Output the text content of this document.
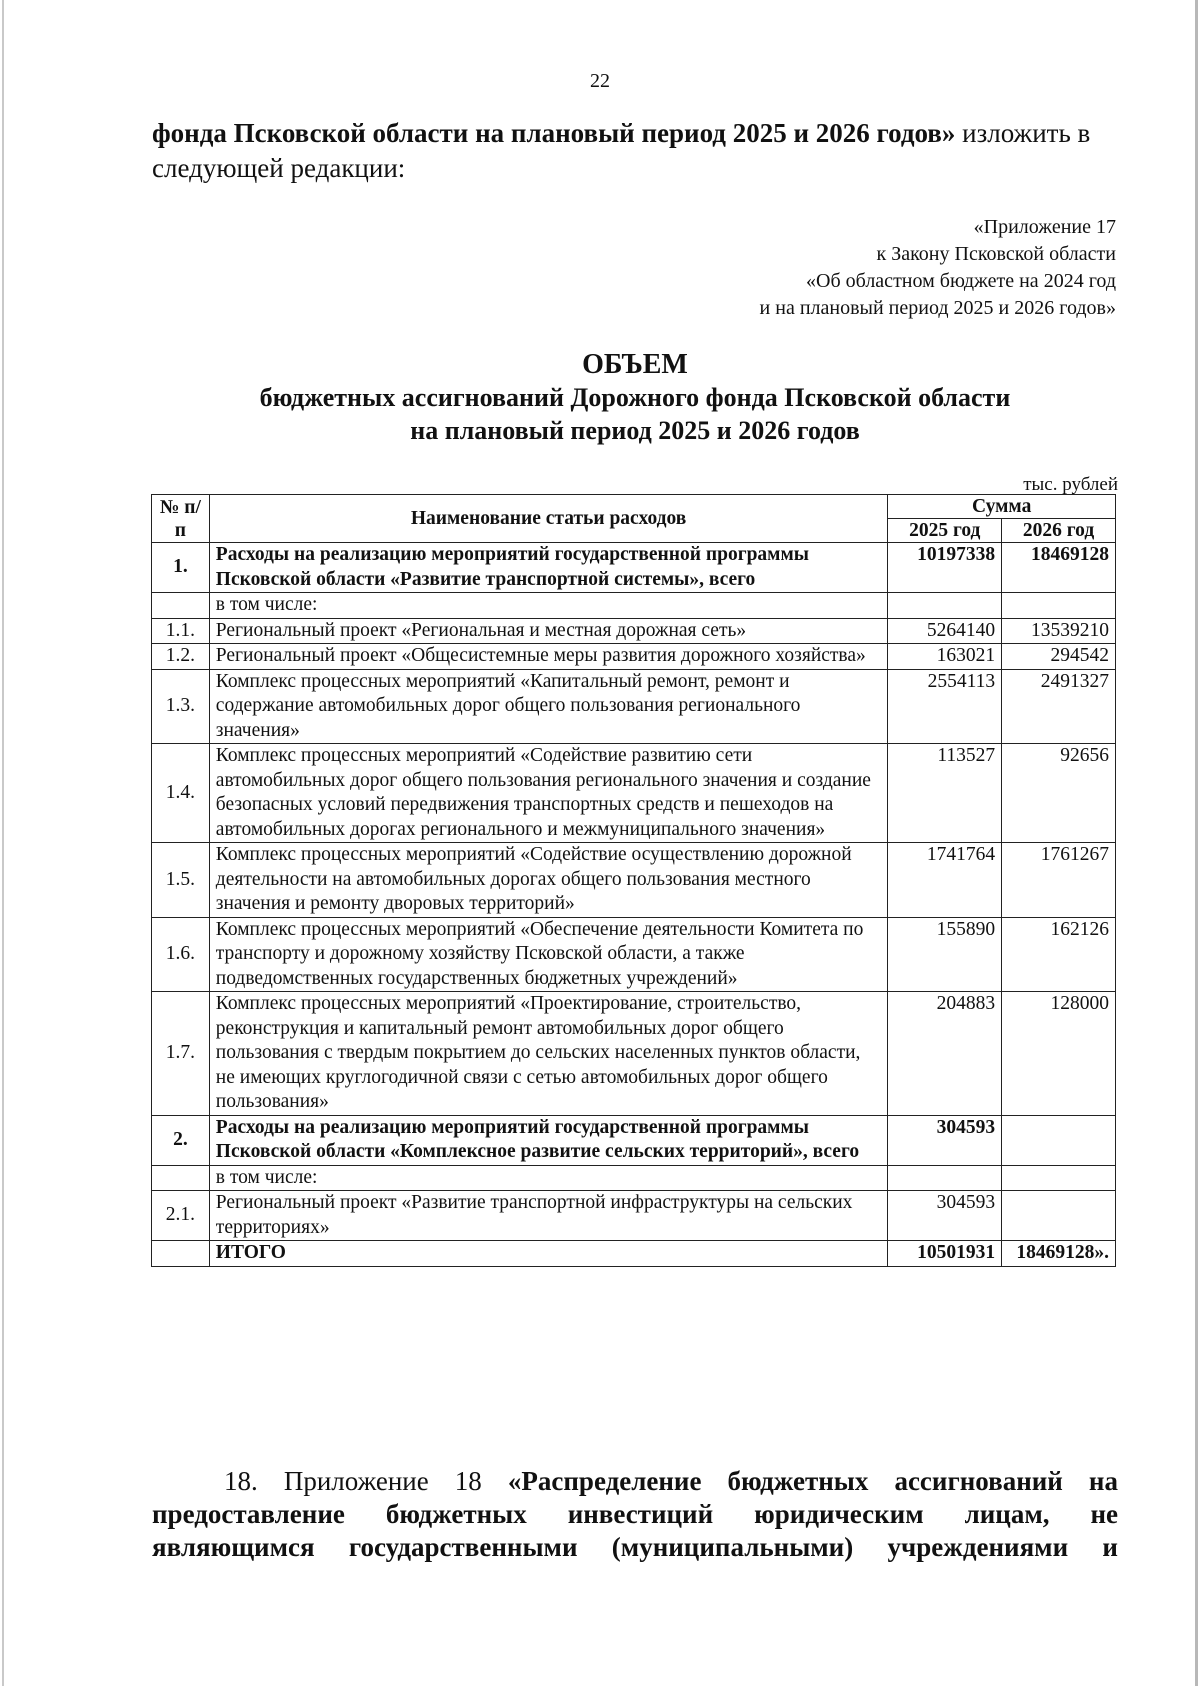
22
фонда Псковской области на плановый период 2025 и 2026 годов» изложить в следующей редакции:
«Приложение 17
к Закону Псковской области
«Об областном бюджете на 2024 год
и на плановый период 2025 и 2026 годов»
ОБЪЕМ
бюджетных ассигнований Дорожного фонда Псковской области
на плановый период 2025 и 2026 годов
тыс. рублей
№ п/п	Наименование статьи расходов	Сумма	
		2025 год	2026 год
1.	Расходы на реализацию мероприятий государственной программы Псковской области «Развитие транспортной системы», всего	10197338	18469128
	в том числе:		
1.1.	Региональный проект «Региональная и местная дорожная сеть»	5264140	13539210
1.2.	Региональный проект «Общесистемные меры развития дорожного хозяйства»	163021	294542
1.3.	Комплекс процессных мероприятий «Капитальный ремонт, ремонт и содержание автомобильных дорог общего пользования регионального значения»	2554113	2491327
1.4.	Комплекс процессных мероприятий «Содействие развитию сети автомобильных дорог общего пользования регионального значения и создание безопасных условий передвижения транспортных средств и пешеходов на автомобильных дорогах регионального и межмуниципального значения»	113527	92656
1.5.	Комплекс процессных мероприятий «Содействие осуществлению дорожной деятельности на автомобильных дорогах общего пользования местного значения и ремонту дворовых территорий»	1741764	1761267
1.6.	Комплекс процессных мероприятий «Обеспечение деятельности Комитета по транспорту и дорожному хозяйству Псковской области, а также подведомственных государственных бюджетных учреждений»	155890	162126
1.7.	Комплекс процессных мероприятий «Проектирование, строительство, реконструкция и капитальный ремонт автомобильных дорог общего пользования с твердым покрытием до сельских населенных пунктов области, не имеющих круглогодичной связи с сетью автомобильных дорог общего пользования»	204883	128000
2.	Расходы на реализацию мероприятий государственной программы Псковской области «Комплексное развитие сельских территорий», всего	304593	
	в том числе:		
2.1.	Региональный проект «Развитие транспортной инфраструктуры на сельских территориях»	304593	
	ИТОГО	10501931	18469128».
18. Приложение 18 «Распределение бюджетных ассигнований на
предоставление бюджетных инвестиций юридическим лицам, не
являющимся государственными (муниципальными) учреждениями и
